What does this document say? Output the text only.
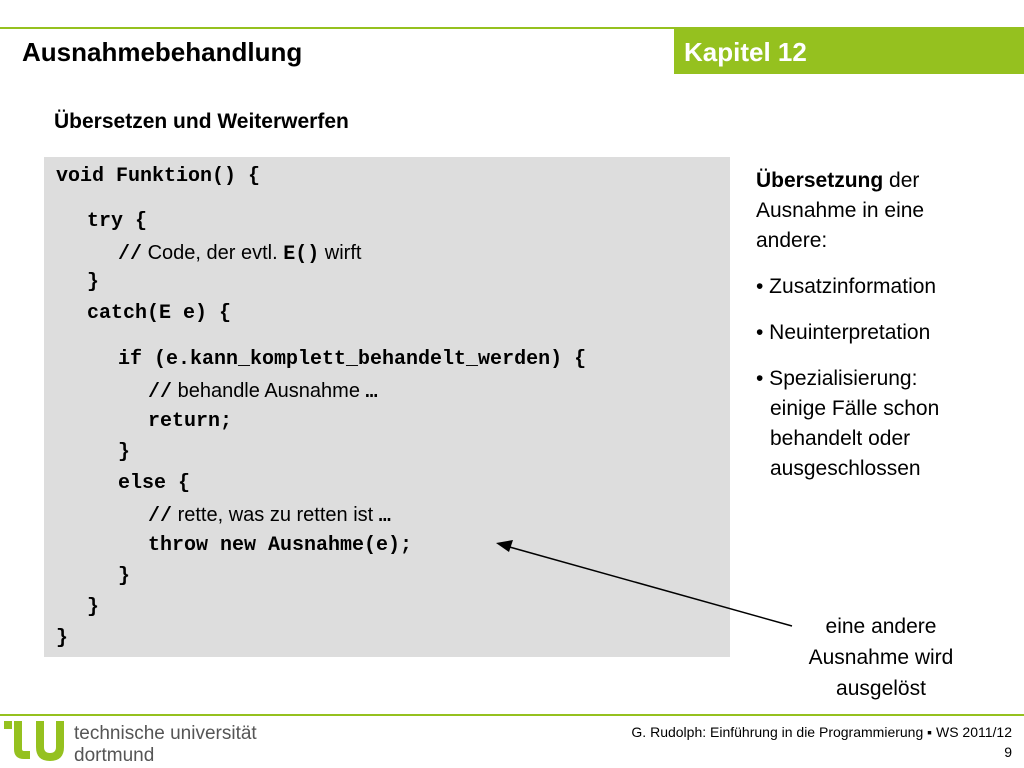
Ausnahmebehandlung	Kapitel 12
Übersetzen und Weiterwerfen
void Funktion() {
try {
// Code, der evtl. E() wirft
}
catch(E e) {
if (e.kann_komplett_behandelt_werden) {
// behandle Ausnahme …
return;
}
else {
// rette, was zu retten ist …
throw new Ausnahme(e);
}
}
}
Übersetzung der
Ausnahme in eine
andere:
• Zusatzinformation
• Neuinterpretation
• Spezialisierung:
einige Fälle schon
behandelt oder
ausgeschlossen
eine andere
Ausnahme wird
ausgelöst
tu
technische universität
dortmund
G. Rudolph: Einführung in die Programmierung ▪ WS 2011/12
9
